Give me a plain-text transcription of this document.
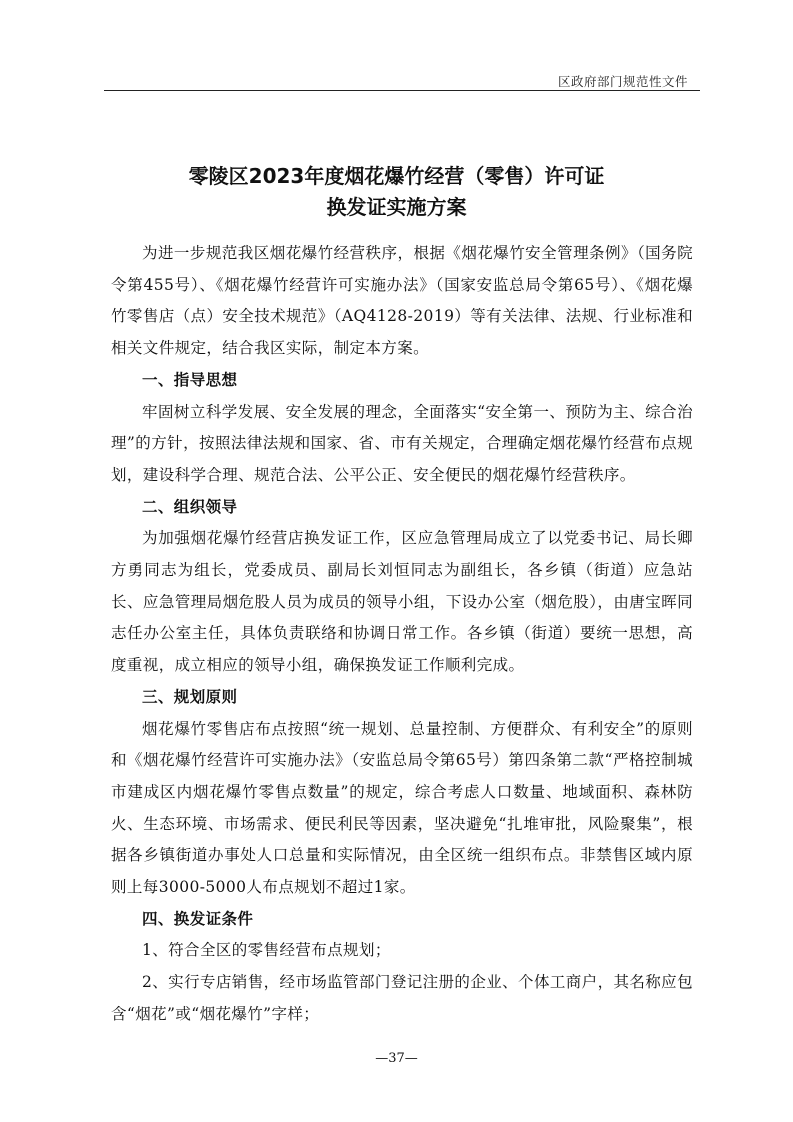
区政府部门规范性文件
零陵区2023年度烟花爆竹经营（零售）许可证
换发证实施方案

为进一步规范我区烟花爆竹经营秩序，根据《烟花爆竹安全管理条例》（国务院令第455号）、《烟花爆竹经营许可实施办法》（国家安监总局令第65号）、《烟花爆竹零售店（点）安全技术规范》（AQ4128-2019）等有关法律、法规、行业标准和相关文件规定，结合我区实际，制定本方案。

一、指导思想

牢固树立科学发展、安全发展的理念，全面落实“安全第一、预防为主、综合治理”的方针，按照法律法规和国家、省、市有关规定，合理确定烟花爆竹经营布点规划，建设科学合理、规范合法、公平公正、安全便民的烟花爆竹经营秩序。

二、组织领导

为加强烟花爆竹经营店换发证工作，区应急管理局成立了以党委书记、局长卿方勇同志为组长，党委成员、副局长刘恒同志为副组长，各乡镇（街道）应急站长、应急管理局烟危股人员为成员的领导小组，下设办公室（烟危股），由唐宝晖同志任办公室主任，具体负责联络和协调日常工作。各乡镇（街道）要统一思想，高度重视，成立相应的领导小组，确保换发证工作顺利完成。

三、规划原则

烟花爆竹零售店布点按照“统一规划、总量控制、方便群众、有利安全”的原则和《烟花爆竹经营许可实施办法》（安监总局令第65号）第四条第二款“严格控制城市建成区内烟花爆竹零售点数量”的规定，综合考虑人口数量、地域面积、森林防火、生态环境、市场需求、便民利民等因素，坚决避免“扎堆审批，风险聚集”，根据各乡镇街道办事处人口总量和实际情况，由全区统一组织布点。非禁售区域内原则上每3000-5000人布点规划不超过1家。

四、换发证条件

1、符合全区的零售经营布点规划；

2、实行专店销售，经市场监管部门登记注册的企业、个体工商户，其名称应包含“烟花”或“烟花爆竹”字样；

—37—
